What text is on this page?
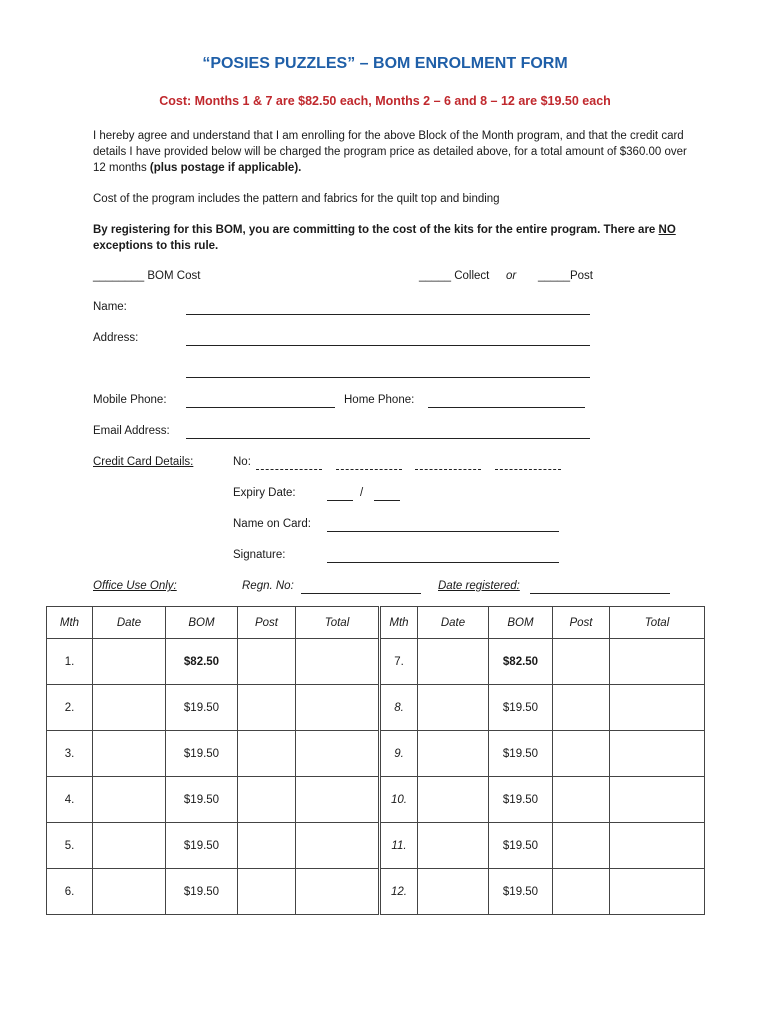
“POSIES PUZZLES” – BOM ENROLMENT FORM
Cost: Months 1 & 7 are $82.50 each, Months 2 – 6 and 8 – 12 are $19.50 each
I hereby agree and understand that I am enrolling for the above Block of the Month program, and that the credit card details I have provided below will be charged the program price as detailed above, for a total amount of $360.00 over 12 months (plus postage if applicable).
Cost of the program includes the pattern and fabrics for the quilt top and binding
By registering for this BOM, you are committing to the cost of the kits for the entire program. There are NO exceptions to this rule.
________ BOM Cost	_____ Collect or _____Post
Name:
Address:
Mobile Phone:	Home Phone:
Email Address:
Credit Card Details:	No:
Expiry Date:	/
Name on Card:
Signature:
Office Use Only:	Regn. No:	Date registered:
Mth	Date	BOM	Post	Total	Mth	Date	BOM	Post	Total
1.		$82.50			7.		$82.50		
2.		$19.50			8.		$19.50		
3.		$19.50			9.		$19.50		
4.		$19.50			10.		$19.50		
5.		$19.50			11.		$19.50		
6.		$19.50			12.		$19.50		
